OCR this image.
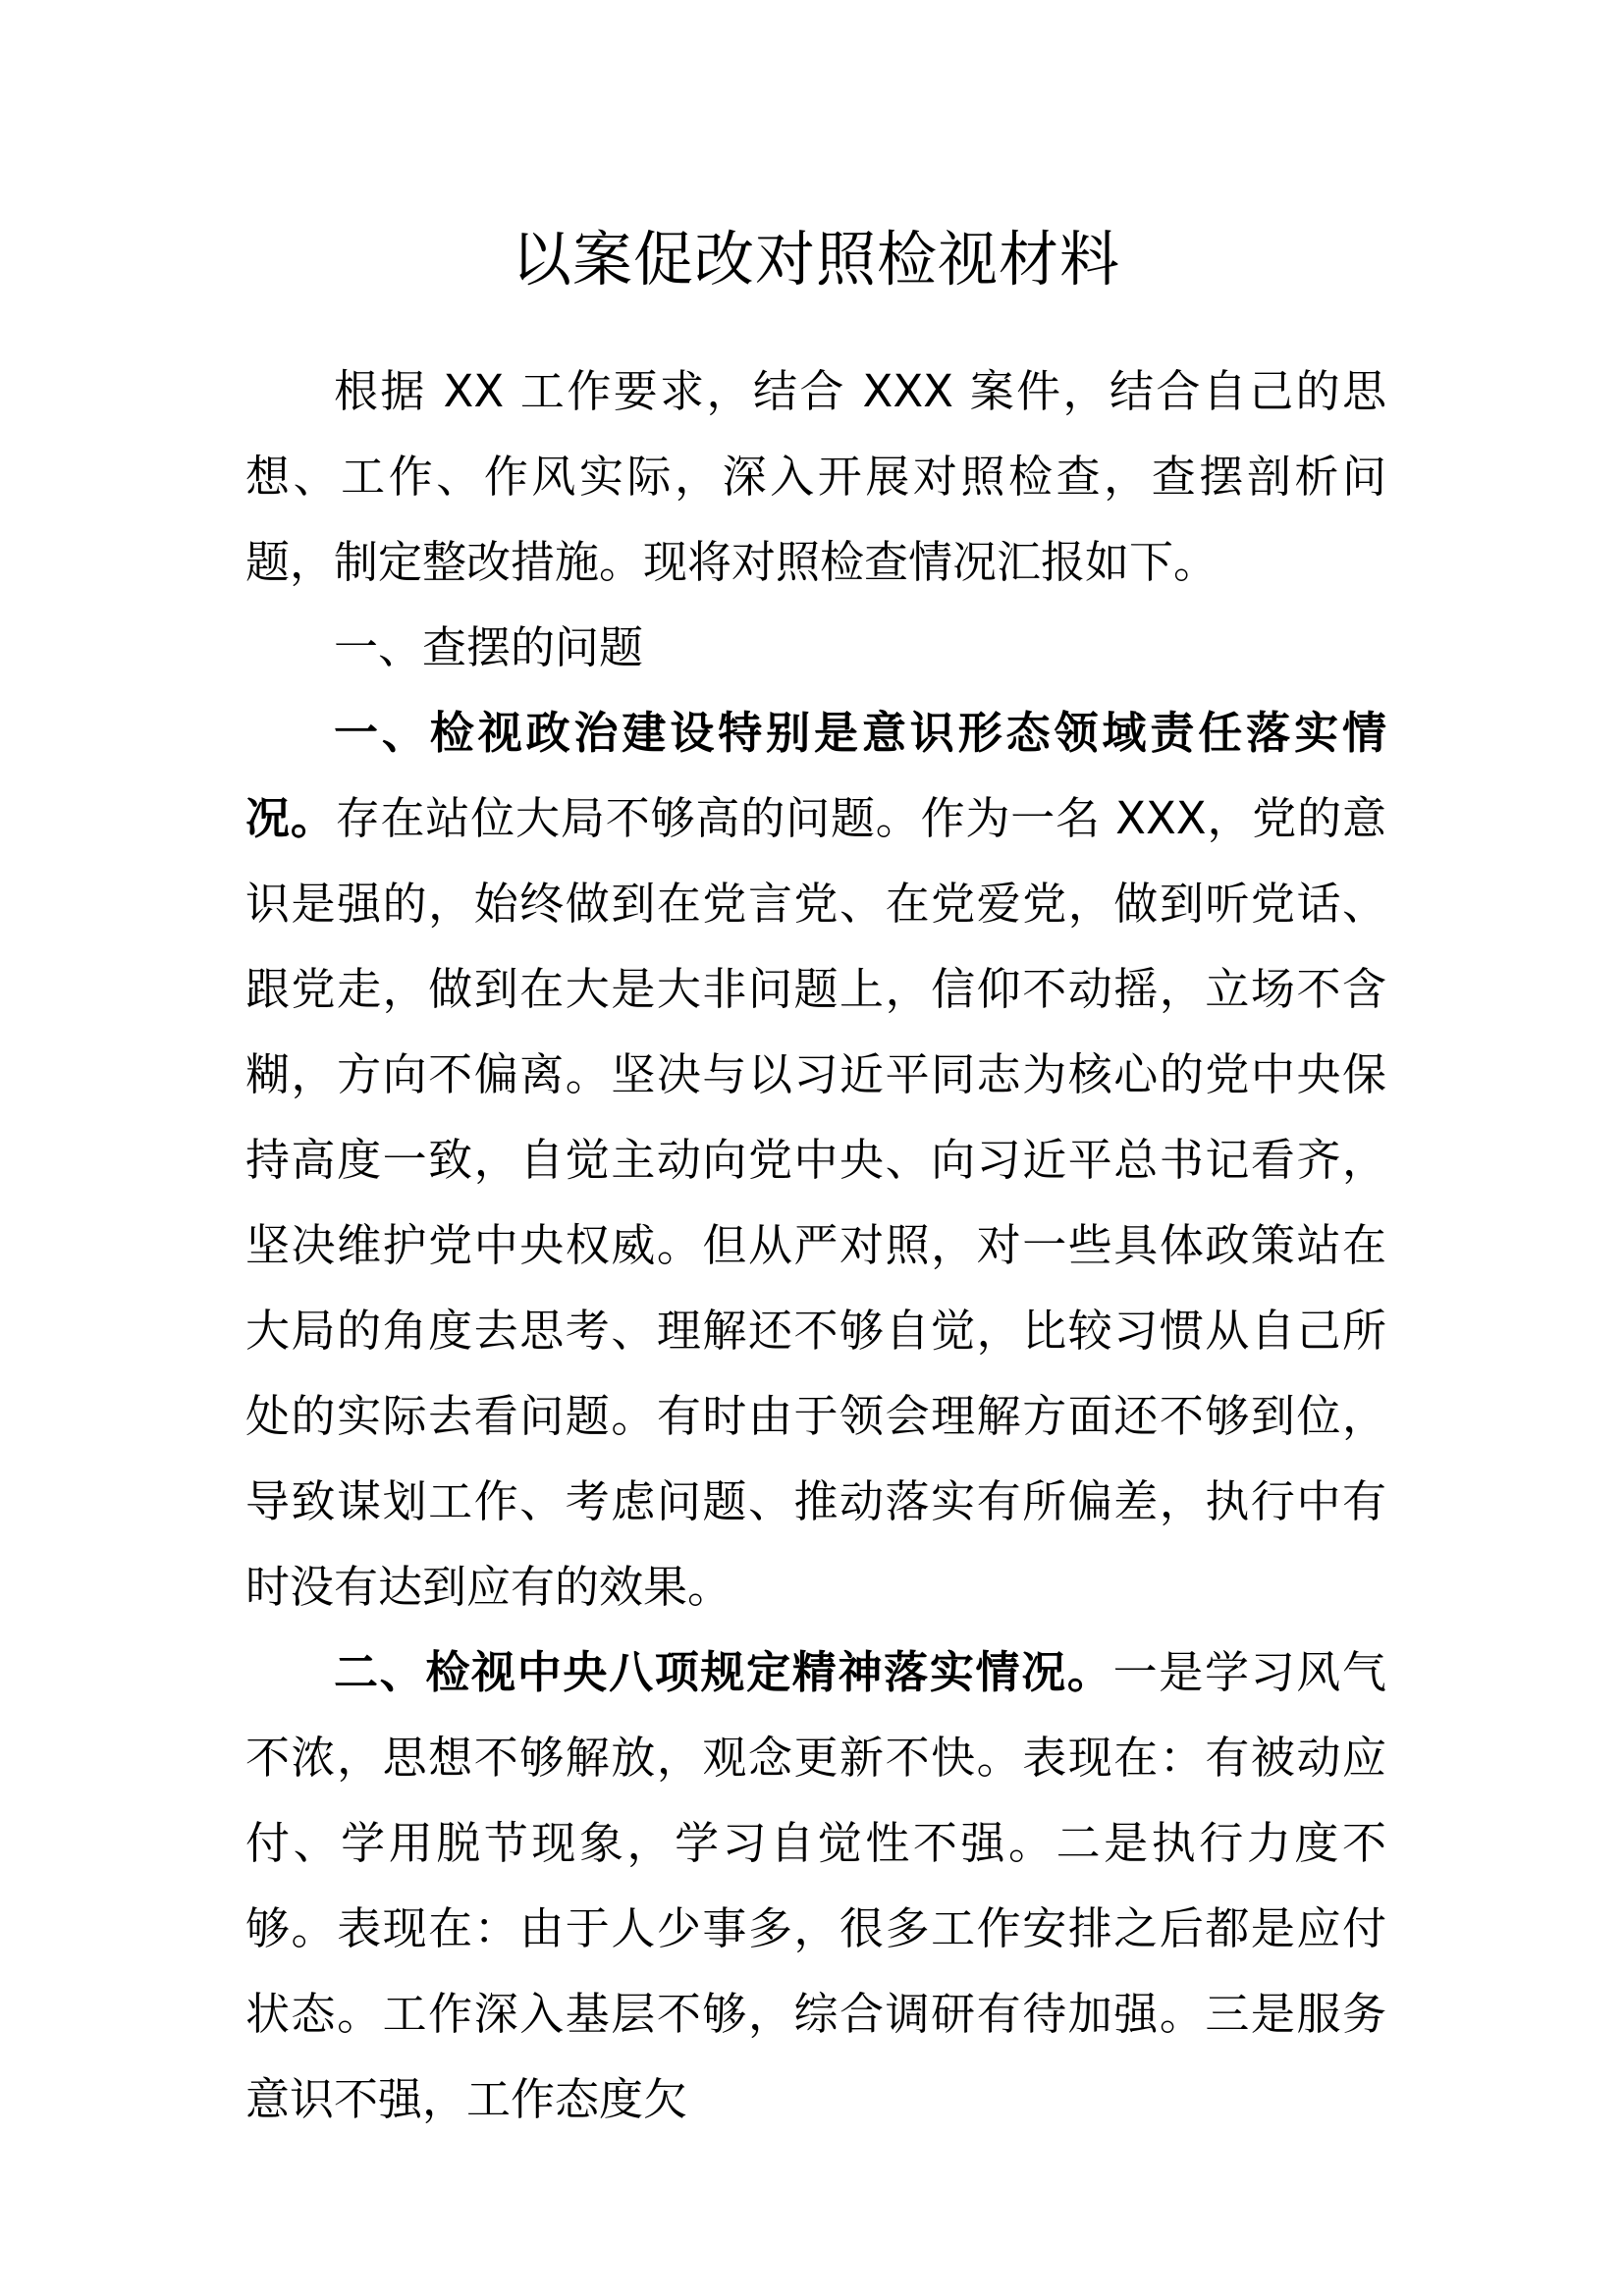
以案促改对照检视材料

根据 XX 工作要求，结合 XXX 案件，结合自己的思想、工作、作风实际，深入开展对照检查，查摆剖析问题，制定整改措施。现将对照检查情况汇报如下。

一、查摆的问题

一、检视政治建设特别是意识形态领域责任落实情况。存在站位大局不够高的问题。作为一名 XXX，党的意识是强的，始终做到在党言党、在党爱党，做到听党话、跟党走，做到在大是大非问题上，信仰不动摇，立场不含糊，方向不偏离。坚决与以习近平同志为核心的党中央保持高度一致，自觉主动向党中央、向习近平总书记看齐，坚决维护党中央权威。但从严对照，对一些具体政策站在大局的角度去思考、理解还不够自觉，比较习惯从自己所处的实际去看问题。有时由于领会理解方面还不够到位，导致谋划工作、考虑问题、推动落实有所偏差，执行中有时没有达到应有的效果。

二、检视中央八项规定精神落实情况。一是学习风气不浓，思想不够解放，观念更新不快。表现在：有被动应付、学用脱节现象，学习自觉性不强。二是执行力度不够。表现在：由于人少事多，很多工作安排之后都是应付状态。工作深入基层不够，综合调研有待加强。三是服务意识不强，工作态度欠
